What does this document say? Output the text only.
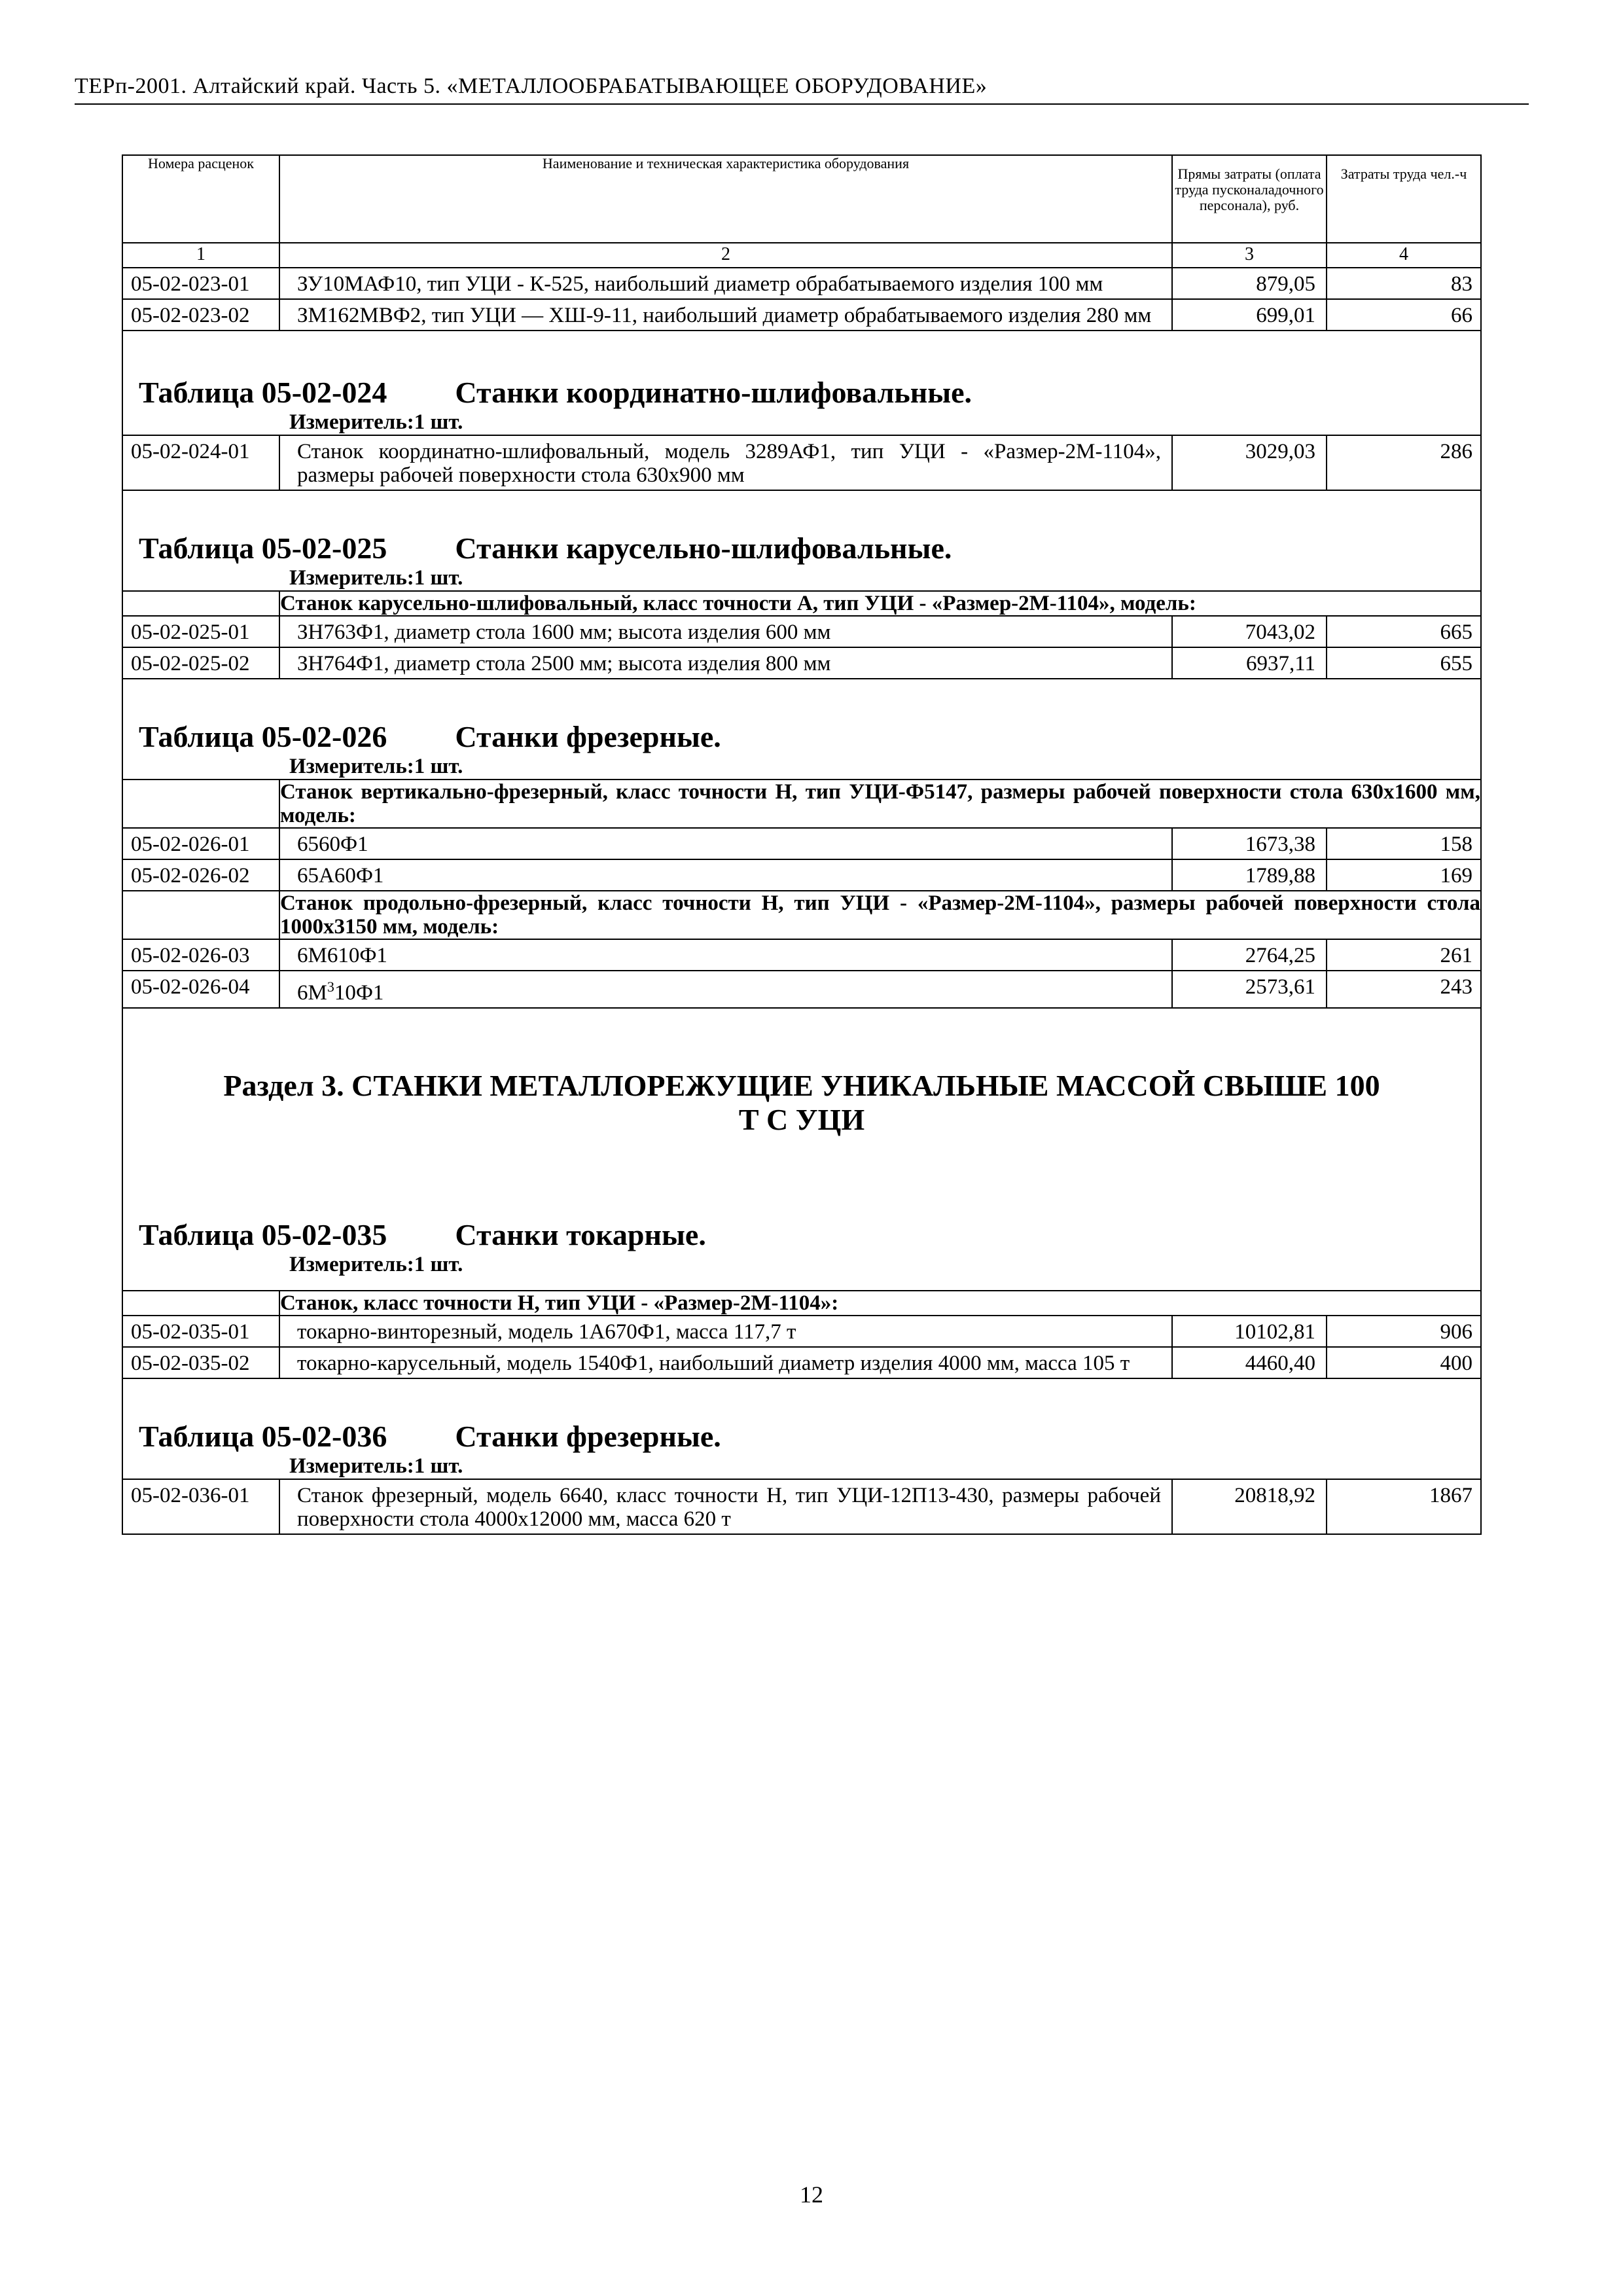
ТЕРп-2001. Алтайский край. Часть 5. «МЕТАЛЛООБРАБАТЫВАЮЩЕЕ ОБОРУДОВАНИЕ»
Номера расценок	Наименование и техническая характеристика оборудования	Прямы затраты (оплата труда пусконаладочного персонала), руб.	Затраты труда чел.-ч
1	2	3	4
05-02-023-01	ЗУ10МАФ10, тип УЦИ - К-525, наибольший диаметр обрабатываемого изделия 100 мм	879,05	83
05-02-023-02	ЗМ162МВФ2, тип УЦИ — ХШ-9-11, наибольший диаметр обрабатываемого изделия 280 мм	699,01	66

Таблица 05-02-024 Станки координатно-шлифовальные.
Измеритель:1 шт.			

05-02-024-01	Станок координатно-шлифовальный, модель 3289АФ1, тип УЦИ - «Размер-2М-1104», размеры рабочей поверхности стола 630х900 мм	3029,03	286

Таблица 05-02-025 Станки карусельно-шлифовальные.
Измеритель:1 шт.			

	Станок карусельно-шлифовальный, класс точности А, тип УЦИ - «Размер-2М-1104», модель:		
05-02-025-01	ЗН763Ф1, диаметр стола 1600 мм; высота изделия 600 мм	7043,02	665
05-02-025-02	ЗН764Ф1, диаметр стола 2500 мм; высота изделия 800 мм	6937,11	655

Таблица 05-02-026 Станки фрезерные.
Измеритель:1 шт.			

	Станок вертикально-фрезерный, класс точности Н, тип УЦИ-Ф5147, размеры рабочей поверхности стола 630х1600 мм, модель:		
05-02-026-01	6560Ф1	1673,38	158
05-02-026-02	65А60Ф1	1789,88	169
	Станок продольно-фрезерный, класс точности Н, тип УЦИ - «Размер-2М-1104», размеры рабочей поверхности стола 1000х3150 мм, модель:		
05-02-026-03	6М610Ф1	2764,25	261
05-02-026-04	$6М^310Ф1$	2573,61	243

Раздел 3. СТАНКИ МЕТАЛЛОРЕЖУЩИЕ УНИКАЛЬНЫЕ МАССОЙ СВЫШЕ 100
Т С УЦИ
Таблица 05-02-035 Станки токарные.
Измеритель:1 шт.			

	Станок, класс точности Н, тип УЦИ - «Размер-2М-1104»:		
05-02-035-01	токарно-винторезный, модель 1А670Ф1, масса 117,7 т	10102,81	906
05-02-035-02	токарно-карусельный, модель 1540Ф1, наибольший диаметр изделия 4000 мм, масса 105 т	4460,40	400

Таблица 05-02-036 Станки фрезерные.
Измеритель:1 шт.			

05-02-036-01	Станок фрезерный, модель 6640, класс точности Н, тип УЦИ-12П13-430, размеры рабочей поверхности стола 4000х12000 мм, масса 620 т	20818,92	1867
12
